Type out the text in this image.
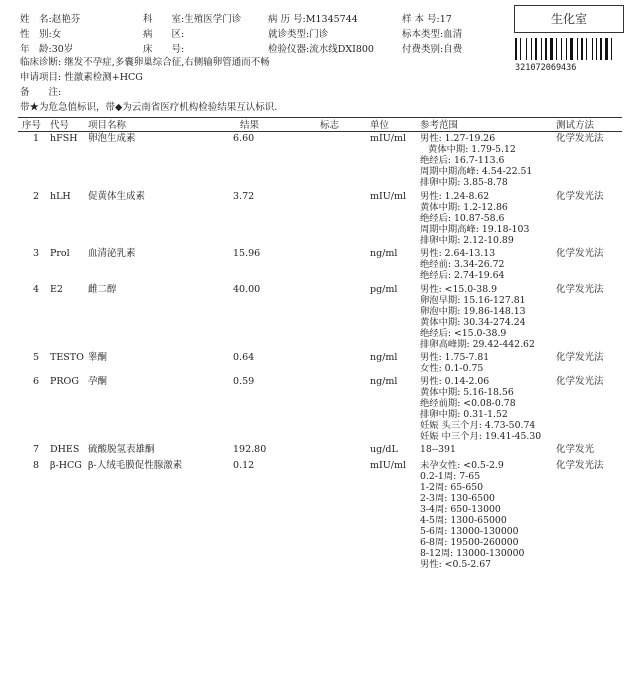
生化室
321072069436
姓　名:赵艳芬
性　别:女
年　龄:30岁
科　　室:生殖医学门诊
病　　区:
床　　号:
病 历 号:M1345744
就诊类型:门诊
检验仪器:流水线DXI800
样 本 号:17
标本类型:血清
付费类别:自费
临床诊断: 继发不孕症,多囊卵巢综合征,右侧输卵管通而不畅
申请项目: 性激素检测+HCG
备　　注:
带★为危急值标识，带◆为云南省医疗机构检验结果互认标识.
序号 代号 项目名称	结果	标志	单位	参考范围	测试方法
1 hFSH 卵泡生成素	6.60	mIU/ml 男性: 1.27-19.26
黄体中期: 1.79-5.12
绝经后: 16.7-113.6
周期中期高峰: 4.54-22.51
排卵中期: 3.85-8.78
化学发光法
2 hLH 促黄体生成素	3.72	mIU/ml 男性: 1.24-8.62
黄体中期: 1.2-12.86
绝经后: 10.87-58.6
周期中期高峰: 19.18-103
排卵中期: 2.12-10.89
化学发光法
3 Prol 血清泌乳素	15.96	ng/ml 男性: 2.64-13.13
绝经前: 3.34-26.72
绝经后: 2.74-19.64
化学发光法
4 E2	雌二醇	40.00	pg/ml 男性: <15.0-38.9
卵泡早期: 15.16-127.81
卵泡中期: 19.86-148.13
黄体中期: 30.34-274.24
绝经后: <15.0-38.9
排卵高峰期: 29.42-442.62
化学发光法
5 TESTO 睾酮	0.64	ng/ml 男性: 1.75-7.81
女性: 0.1-0.75
化学发光法
6 PROG 孕酮	0.59	ng/ml 男性: 0.14-2.06
黄体中期: 5.16-18.56
绝经前期: <0.08-0.78
排卵中期: 0.31-1.52
妊娠 头三个月: 4.73-50.74
妊娠 中三个月: 19.41-45.30
化学发光法
7 DHES 硫酸脱氢表雄酮	192.80	ug/dL 18--391	化学发光
8 β-HCG β-人绒毛膜促性腺激素	0.12	mIU/ml 未孕女性: <0.5-2.9
0.2-1周: 7-65
1-2周: 65-650
2-3周: 130-6500
3-4周: 650-13000
4-5周: 1300-65000
5-6周: 13000-130000
6-8周: 19500-260000
8-12周: 13000-130000
男性: <0.5-2.67
化学发光法
